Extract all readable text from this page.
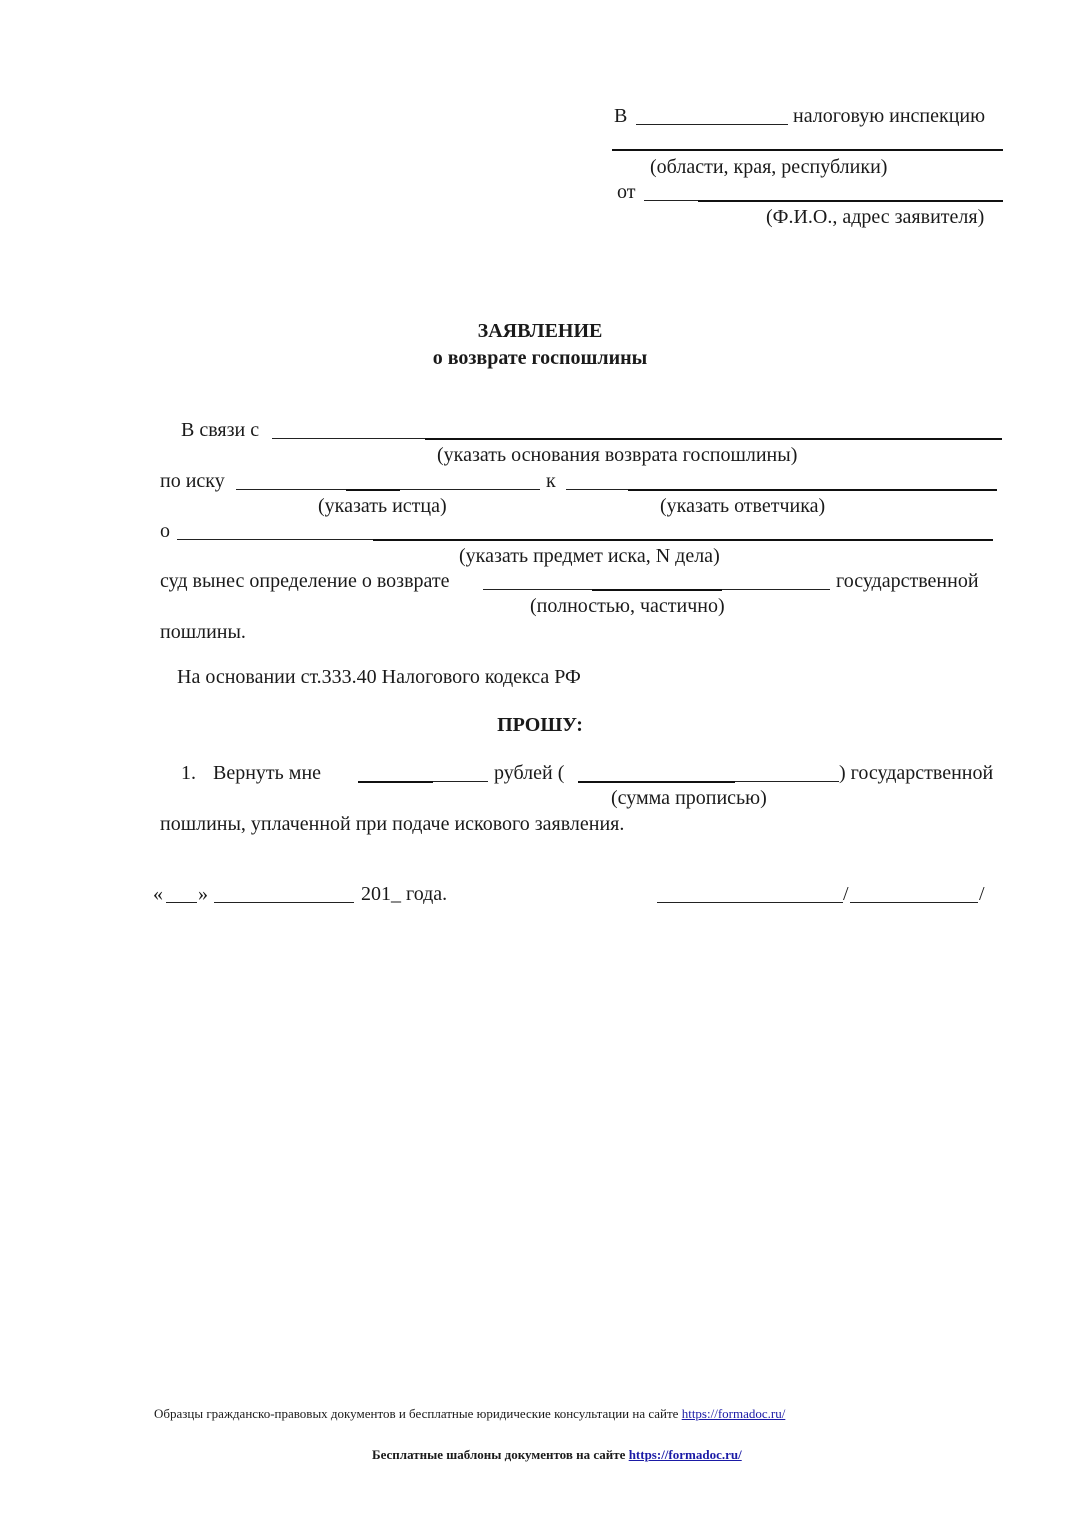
В	налоговую инспекцию
(области, края, республики)
от
(Ф.И.О., адрес заявителя)
ЗАЯВЛЕНИЕ
о возврате госпошлины
В связи с
(указать основания возврата госпошлины)
по иску	к
(указать истца)	(указать ответчика)
о
(указать предмет иска, N дела)
суд вынес определение о возврате	государственной
(полностью, частично)
пошлины.
На основании ст.333.40 Налогового кодекса РФ
ПРОШУ:
1. Вернуть мне	рублей (	) государственной
(сумма прописью)
пошлины, уплаченной при подаче искового заявления.
« »	201_ года.	/	/
Образцы гражданско-правовых документов и бесплатные юридические консультации на сайте https://formadoc.ru/
Бесплатные шаблоны документов на сайте https://formadoc.ru/
